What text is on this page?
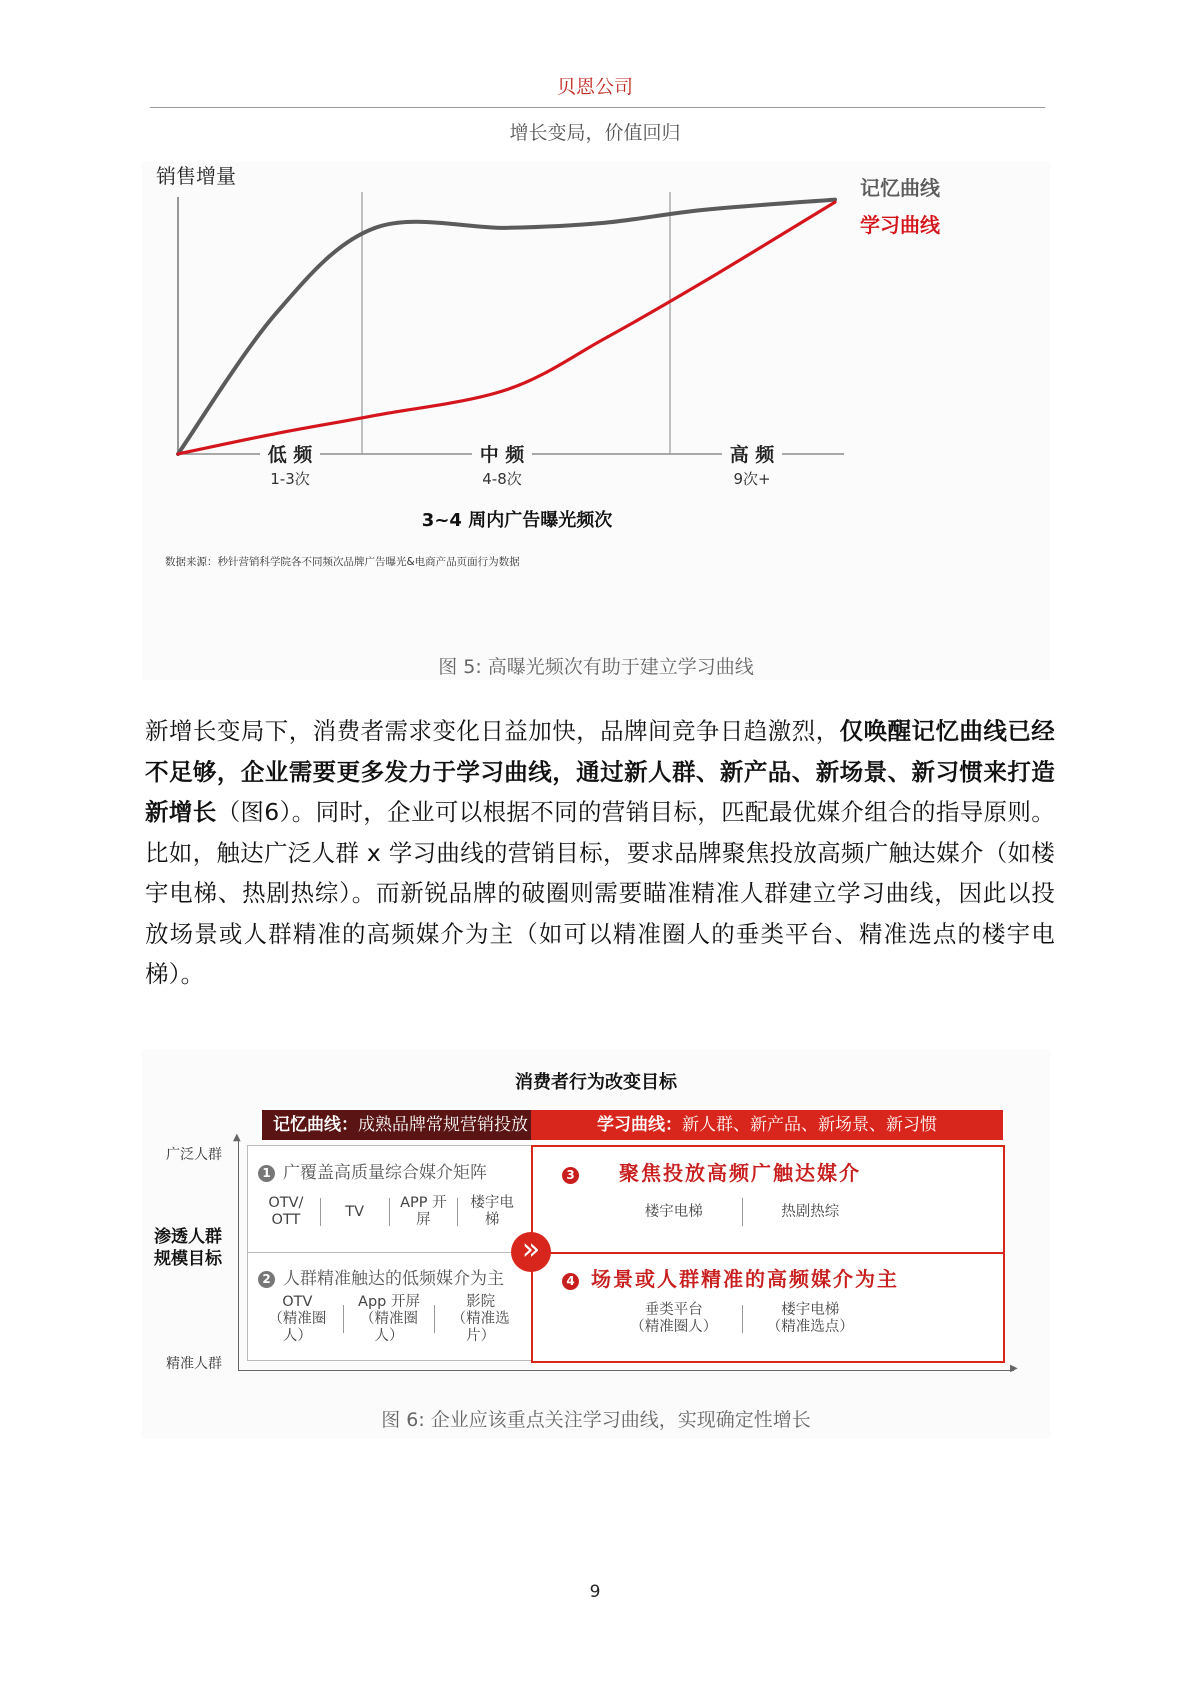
贝恩公司
增长变局，价值回归
销售增量	记忆曲线
学习曲线
低 频
1-3次
中 频
4-8次
高 频
9次+
3~4 周内广告曝光频次
数据来源：秒针营销科学院各不同频次品牌广告曝光&电商产品页面行为数据
图 5: 高曝光频次有助于建立学习曲线
新增长变局下，消费者需求变化日益加快，品牌间竞争日趋激烈，仅唤醒记忆曲线已经不足够，企业需要更多发力于学习曲线，通过新人群、新产品、新场景、新习惯来打造新增长（图6）。同时，企业可以根据不同的营销目标，匹配最优媒介组合的指导原则。比如，触达广泛人群 x 学习曲线的营销目标，要求品牌聚焦投放高频广触达媒介（如楼宇电梯、热剧热综）。而新锐品牌的破圈则需要瞄准精准人群建立学习曲线，因此以投放场景或人群精准的高频媒介为主（如可以精准圈人的垂类平台、精准选点的楼宇电梯）。
消费者行为改变目标
记忆曲线：成熟品牌常规营销投放	学习曲线：新人群、新产品、新场景、新习惯
▲
▶
广泛人群
渗透人群
规模目标
精准人群
1 广覆盖高质量综合媒介矩阵
OTV/
OTT
TV
APP 开屏
楼宇电梯
2 人群精准触达的低频媒介为主
OTV
（精准圈人）
App 开屏
（精准圈人）
影院
（精准选片）
3 聚焦投放高频广触达媒介
楼宇电梯	热剧热综
4 场景或人群精准的高频媒介为主
垂类平台
（精准圈人）
楼宇电梯
（精准选点）
»
图 6: 企业应该重点关注学习曲线，实现确定性增长
9
